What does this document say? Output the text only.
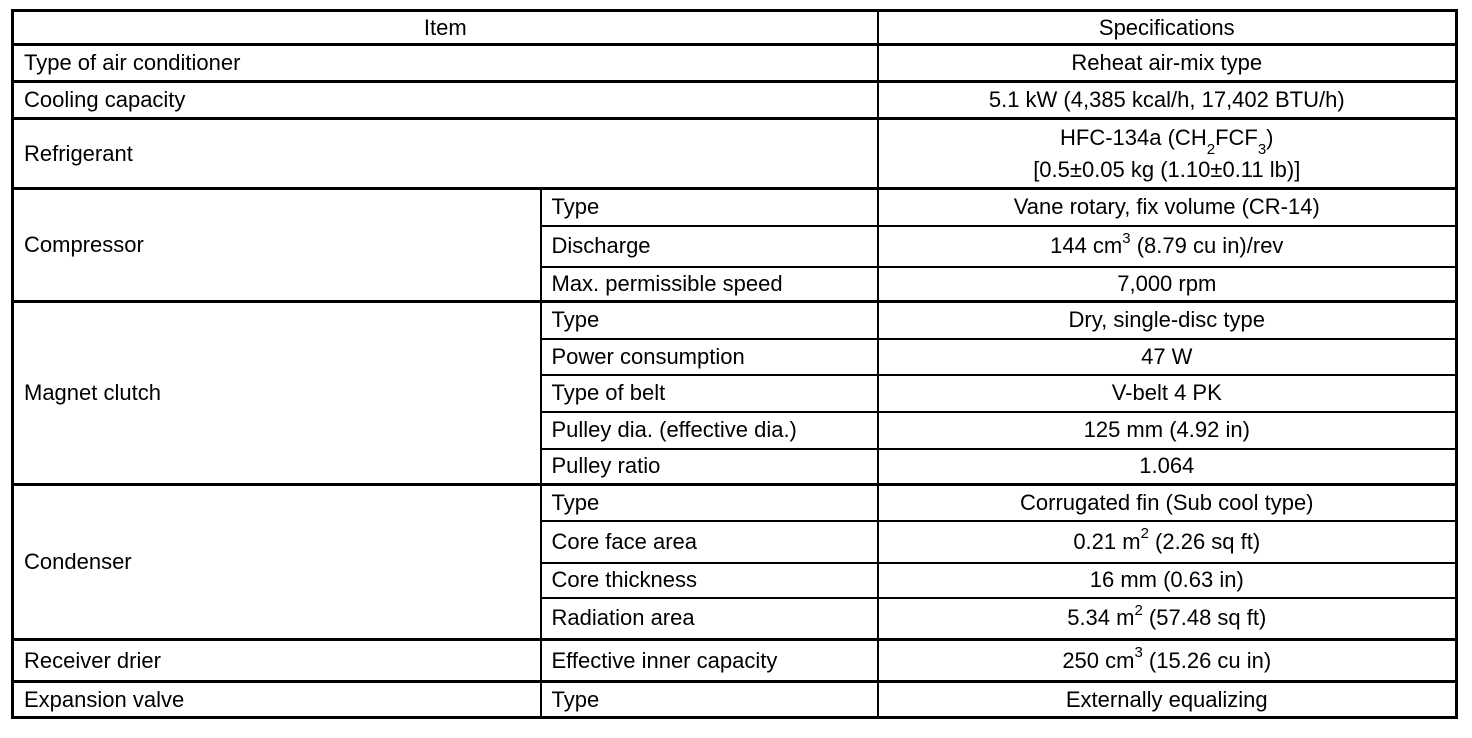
Item		Specifications
Type of air conditioner		Reheat air-mix type
Cooling capacity		5.1 kW (4,385 kcal/h, 17,402 BTU/h)
Refrigerant		HFC-134a $(CH_2FCF_3)$
[0.5±0.05 kg (1.10±0.11 lb)]
Compressor	Type	Vane rotary, fix volume (CR-14)
	Discharge	144 $cm^3$ (8.79 cu in)/rev
	Max. permissible speed	7,000 rpm
Magnet clutch	Type	Dry, single-disc type
	Power consumption	47 W
	Type of belt	V-belt 4 PK
	Pulley dia. (effective dia.)	125 mm (4.92 in)
	Pulley ratio	1.064
Condenser	Type	Corrugated fin (Sub cool type)
	Core face area	0.21 $m^2$ (2.26 sq ft)
	Core thickness	16 mm (0.63 in)
	Radiation area	5.34 $m^2$ (57.48 sq ft)
Receiver drier	Effective inner capacity	250 $cm^3$ (15.26 cu in)
Expansion valve	Type	Externally equalizing
